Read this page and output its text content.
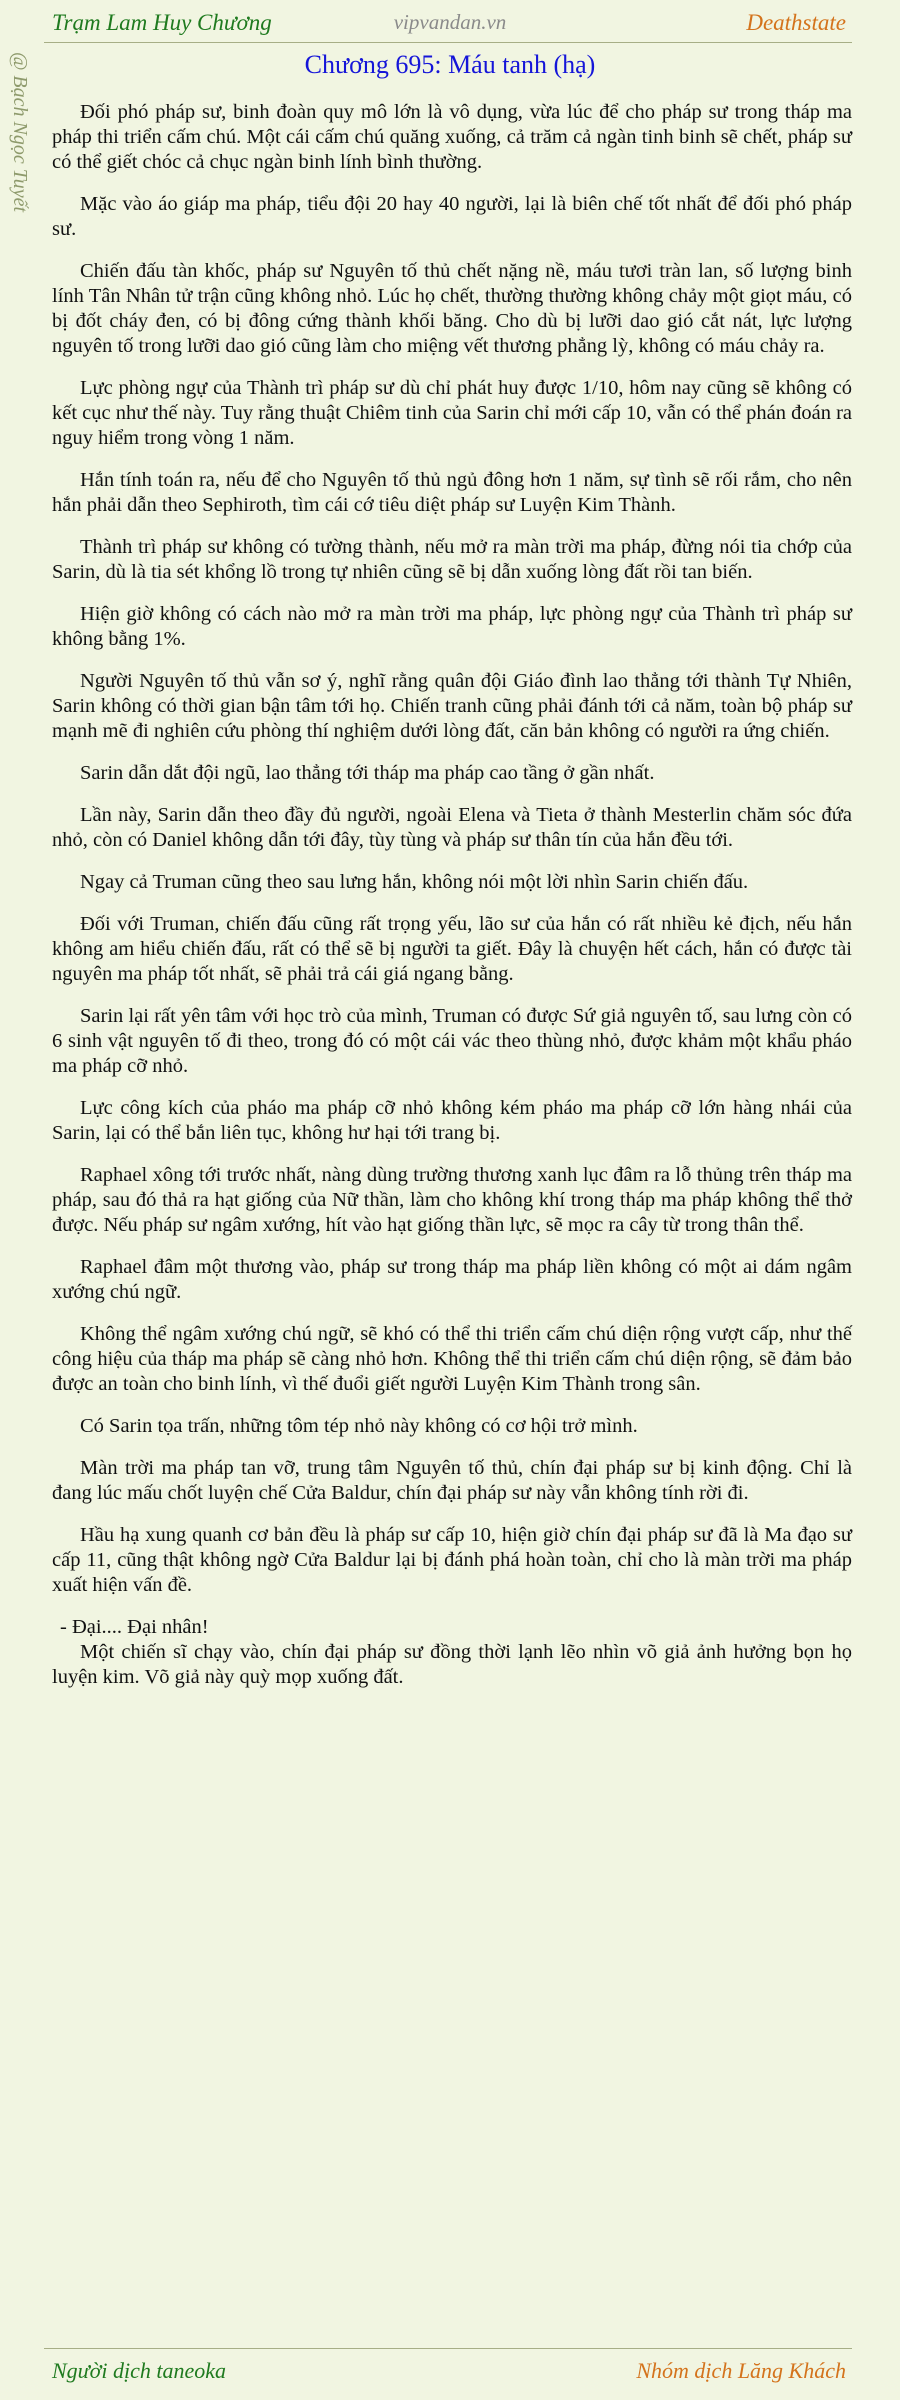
Trạm Lam Huy Chương	vipvandan.vn	Deathstate
@ Bạch Ngọc Tuyết	Chương 695: Máu tanh (hạ)

Đối phó pháp sư, binh đoàn quy mô lớn là vô dụng, vừa lúc để cho pháp sư trong tháp ma pháp thi triển cấm chú. Một cái cấm chú quăng xuống, cả trăm cả ngàn tinh binh sẽ chết, pháp sư có thể giết chóc cả chục ngàn binh lính bình thường.

Mặc vào áo giáp ma pháp, tiểu đội 20 hay 40 người, lại là biên chế tốt nhất để đối phó pháp sư.

Chiến đấu tàn khốc, pháp sư Nguyên tố thủ chết nặng nề, máu tươi tràn lan, số lượng binh lính Tân Nhân tử trận cũng không nhỏ. Lúc họ chết, thường thường không chảy một giọt máu, có bị đốt cháy đen, có bị đông cứng thành khối băng. Cho dù bị lưỡi dao gió cắt nát, lực lượng nguyên tố trong lưỡi dao gió cũng làm cho miệng vết thương phẳng lỳ, không có máu chảy ra.

Lực phòng ngự của Thành trì pháp sư dù chỉ phát huy được 1/10, hôm nay cũng sẽ không có kết cục như thế này. Tuy rằng thuật Chiêm tinh của Sarin chỉ mới cấp 10, vẫn có thể phán đoán ra nguy hiểm trong vòng 1 năm.

Hắn tính toán ra, nếu để cho Nguyên tố thủ ngủ đông hơn 1 năm, sự tình sẽ rối rắm, cho nên hắn phải dẫn theo Sephiroth, tìm cái cớ tiêu diệt pháp sư Luyện Kim Thành.

Thành trì pháp sư không có tường thành, nếu mở ra màn trời ma pháp, đừng nói tia chớp của Sarin, dù là tia sét khổng lồ trong tự nhiên cũng sẽ bị dẫn xuống lòng đất rồi tan biến.

Hiện giờ không có cách nào mở ra màn trời ma pháp, lực phòng ngự của Thành trì pháp sư không bằng 1%.

Người Nguyên tố thủ vẫn sơ ý, nghĩ rằng quân đội Giáo đình lao thẳng tới thành Tự Nhiên, Sarin không có thời gian bận tâm tới họ. Chiến tranh cũng phải đánh tới cả năm, toàn bộ pháp sư mạnh mẽ đi nghiên cứu phòng thí nghiệm dưới lòng đất, căn bản không có người ra ứng chiến.

Sarin dẫn dắt đội ngũ, lao thẳng tới tháp ma pháp cao tầng ở gần nhất.

Lần này, Sarin dẫn theo đầy đủ người, ngoài Elena và Tieta ở thành Mesterlin chăm sóc đứa nhỏ, còn có Daniel không dẫn tới đây, tùy tùng và pháp sư thân tín của hắn đều tới.

Ngay cả Truman cũng theo sau lưng hắn, không nói một lời nhìn Sarin chiến đấu.

Đối với Truman, chiến đấu cũng rất trọng yếu, lão sư của hắn có rất nhiều kẻ địch, nếu hắn không am hiểu chiến đấu, rất có thể sẽ bị người ta giết. Đây là chuyện hết cách, hắn có được tài nguyên ma pháp tốt nhất, sẽ phải trả cái giá ngang bằng.

Sarin lại rất yên tâm với học trò của mình, Truman có được Sứ giả nguyên tố, sau lưng còn có 6 sinh vật nguyên tố đi theo, trong đó có một cái vác theo thùng nhỏ, được khảm một khẩu pháo ma pháp cỡ nhỏ.

Lực công kích của pháo ma pháp cỡ nhỏ không kém pháo ma pháp cỡ lớn hàng nhái của Sarin, lại có thể bắn liên tục, không hư hại tới trang bị.

Raphael xông tới trước nhất, nàng dùng trường thương xanh lục đâm ra lỗ thủng trên tháp ma pháp, sau đó thả ra hạt giống của Nữ thần, làm cho không khí trong tháp ma pháp không thể thở được. Nếu pháp sư ngâm xướng, hít vào hạt giống thần lực, sẽ mọc ra cây từ trong thân thể.

Raphael đâm một thương vào, pháp sư trong tháp ma pháp liền không có một ai dám ngâm xướng chú ngữ.

Không thể ngâm xướng chú ngữ, sẽ khó có thể thi triển cấm chú diện rộng vượt cấp, như thế công hiệu của tháp ma pháp sẽ càng nhỏ hơn. Không thể thi triển cấm chú diện rộng, sẽ đảm bảo được an toàn cho binh lính, vì thế đuổi giết người Luyện Kim Thành trong sân.

Có Sarin tọa trấn, những tôm tép nhỏ này không có cơ hội trở mình.

Màn trời ma pháp tan vỡ, trung tâm Nguyên tố thủ, chín đại pháp sư bị kinh động. Chỉ là đang lúc mấu chốt luyện chế Cửa Baldur, chín đại pháp sư này vẫn không tính rời đi.

Hầu hạ xung quanh cơ bản đều là pháp sư cấp 10, hiện giờ chín đại pháp sư đã là Ma đạo sư cấp 11, cũng thật không ngờ Cửa Baldur lại bị đánh phá hoàn toàn, chỉ cho là màn trời ma pháp xuất hiện vấn đề.

- Đại.... Đại nhân!

Một chiến sĩ chạy vào, chín đại pháp sư đồng thời lạnh lẽo nhìn võ giả ảnh hưởng bọn họ luyện kim. Võ giả này quỳ mọp xuống đất.

Người dịch taneoka	Nhóm dịch Lăng Khách
